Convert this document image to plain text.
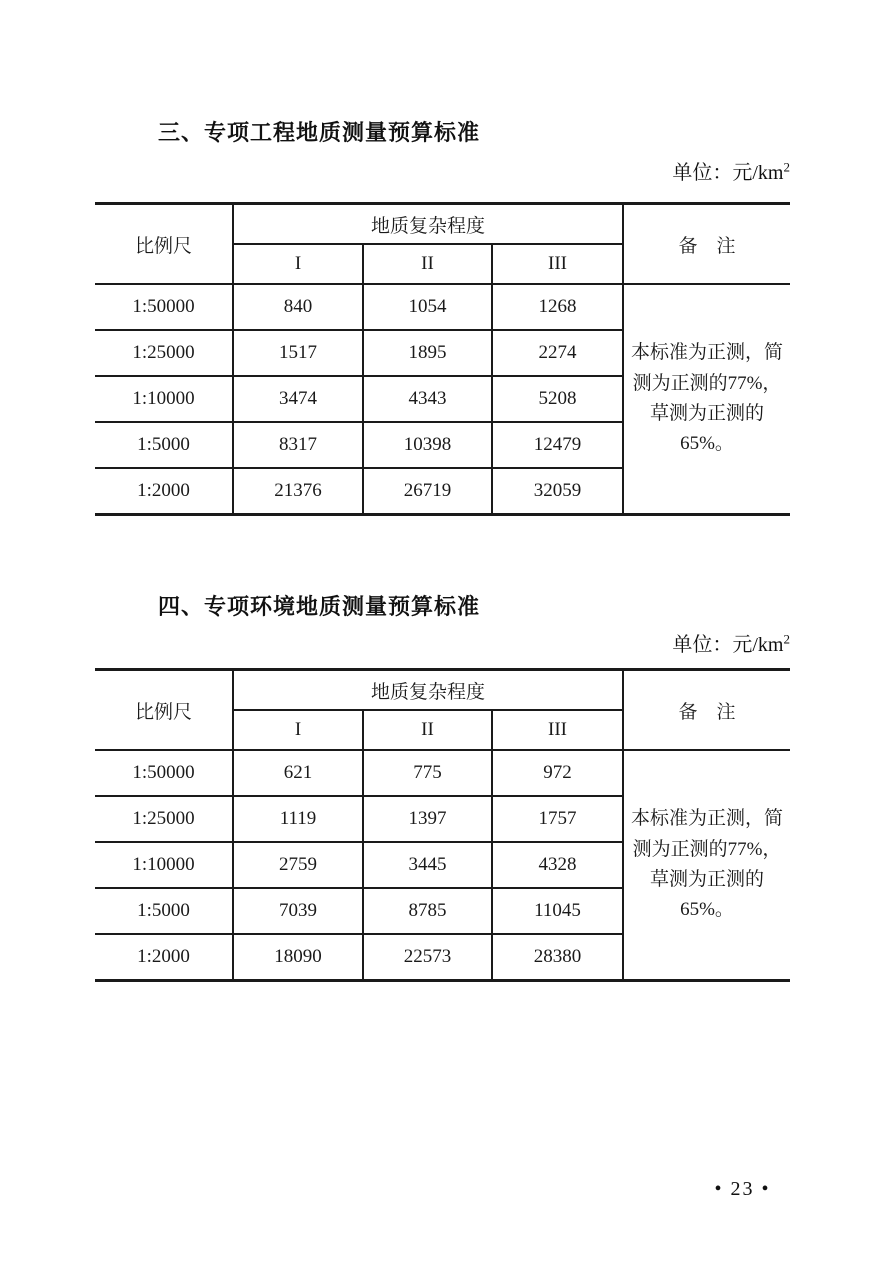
三、专项工程地质测量预算标准
单位：元$/km^2$
比例尺	地质复杂程度			备　注
	I	II	III	
1:50000	840	1054	1268	本标准为正测，简测为正测的77%，草测为正测的65%。
1:25000	1517	1895	2274	
1:10000	3474	4343	5208	
1:5000	8317	10398	12479	
1:2000	21376	26719	32059	
四、专项环境地质测量预算标准
单位：元$/km^2$
比例尺	地质复杂程度			备　注
	I	II	III	
1:50000	621	775	972	本标准为正测，简测为正测的77%，草测为正测的65%。
1:25000	1119	1397	1757	
1:10000	2759	3445	4328	
1:5000	7039	8785	11045	
1:2000	18090	22573	28380	
• 23 •
